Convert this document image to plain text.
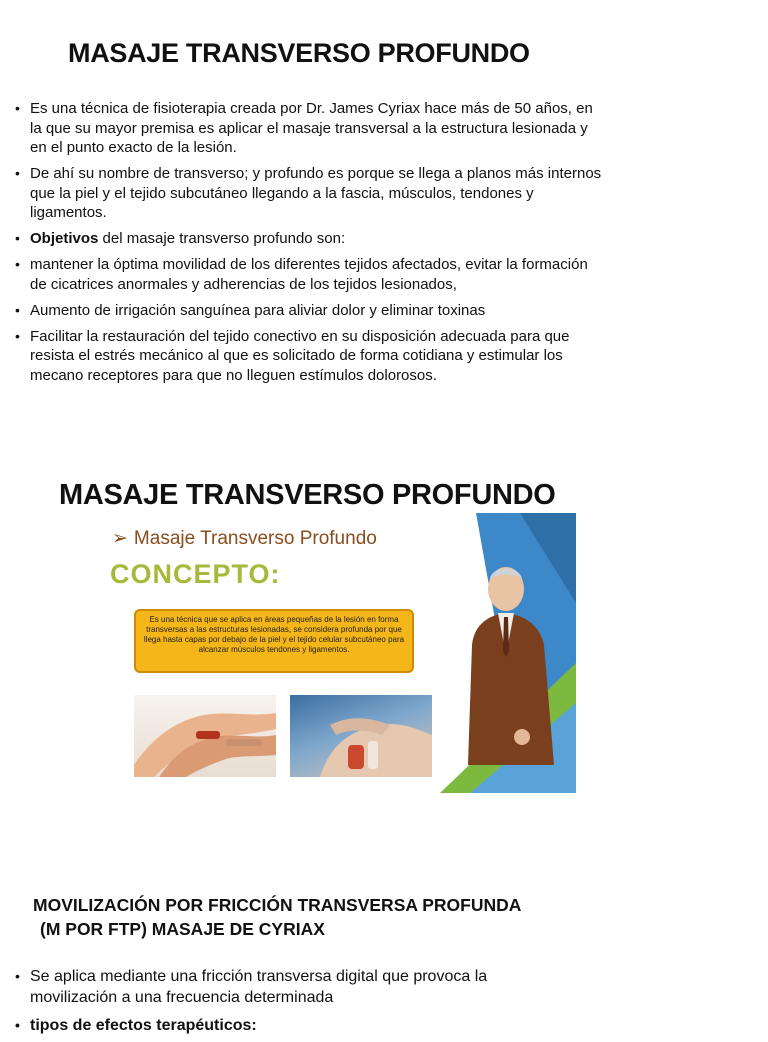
MASAJE TRANSVERSO PROFUNDO
• Es una técnica de fisioterapia creada por Dr. James Cyriax hace más de 50 años, en la que su mayor premisa es aplicar el masaje transversal a la estructura lesionada y en el punto exacto de la lesión.
• De ahí su nombre de transverso; y profundo es porque se llega a planos más internos que la piel y el tejido subcutáneo llegando a la fascia, músculos, tendones y ligamentos.
• Objetivos del masaje transverso profundo son:
• mantener la óptima movilidad de los diferentes tejidos afectados, evitar la formación de cicatrices anormales y adherencias de los tejidos lesionados,
• Aumento de irrigación sanguínea para aliviar dolor y eliminar toxinas
• Facilitar la restauración del tejido conectivo en su disposición adecuada para que resista el estrés mecánico al que es solicitado de forma cotidiana y estimular los mecano receptores para que no lleguen estímulos dolorosos.
MASAJE TRANSVERSO PROFUNDO
➢ Masaje Transverso Profundo
CONCEPTO:
Es una técnica que se aplica en áreas pequeñas de la lesión en forma transversas a las estructuras lesionadas, se considera profunda por que llega hasta capas por debajo de la piel y el tejido celular subcutáneo para alcanzar músculos tendones y ligamentos.
MOVILIZACIÓN POR FRICCIÓN TRANSVERSA PROFUNDA
(M POR FTP) MASAJE DE CYRIAX
• Se aplica mediante una fricción transversa digital que provoca la movilización a una frecuencia determinada
• tipos de efectos terapéuticos:
